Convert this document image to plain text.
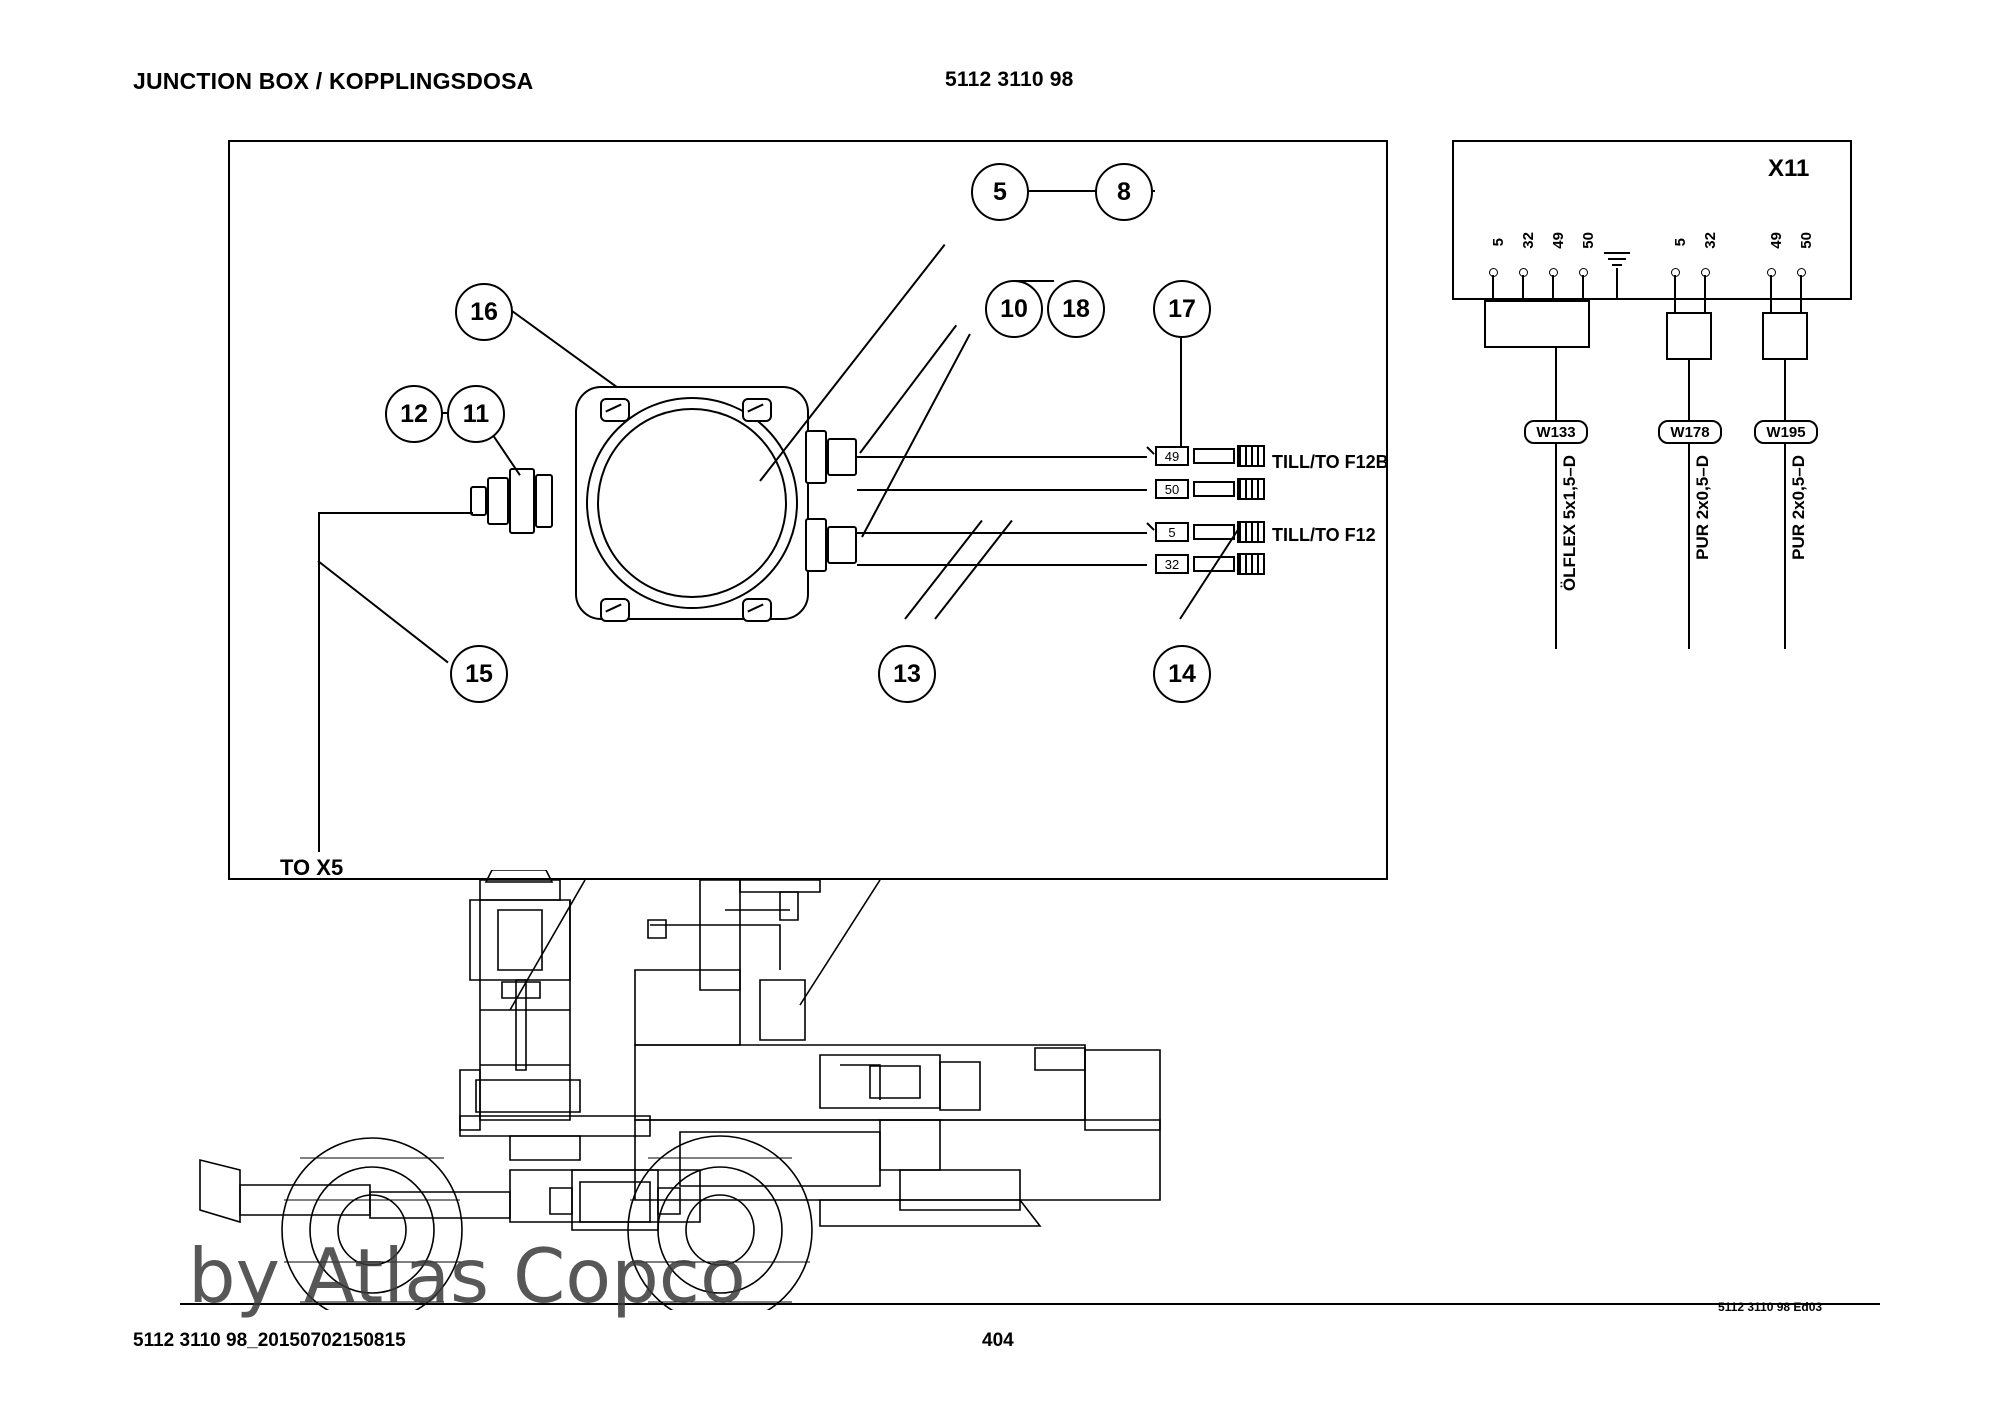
JUNCTION BOX / KOPPLINGSDOSA	5112 3110 98
49
50
5
32
TILL/TO F12B
TILL/TO F12
TO X5
5	8
16	10	18	17
12	11
15	13	14
X11
5 32 49 50	5 32	49 50
W133	W178	W195
ÖLFLEX 5x1,5–D	PUR 2x0,5–D	PUR 2x0,5–D
by Atlas Copco
5112 3110 98_20150702150815	404
5112 3110 98 Ed03
